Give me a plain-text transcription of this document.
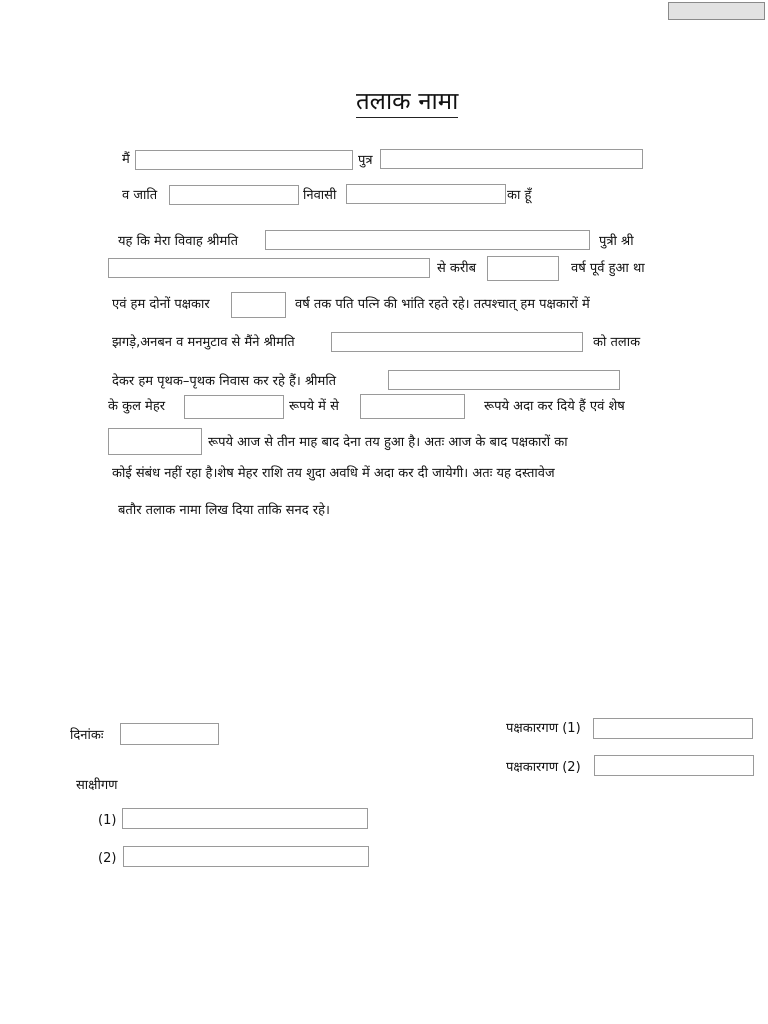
तलाक नामा
मैं	पुत्र
व जाति	निवासी	का हूँ
यह कि मेरा विवाह श्रीमति	पुत्री श्री
से करीब	वर्ष पूर्व हुआ था
एवं हम दोनों पक्षकार	वर्ष तक पति पत्नि की भांति रहते रहे। तत्पश्चात् हम पक्षकारों में
झगड़े,अनबन व मनमुटाव से मैंने श्रीमति	को तलाक
देकर हम पृथक–पृथक निवास कर रहे हैं। श्रीमति
के कुल मेहर	रूपये में से	रूपये अदा कर दिये हैं एवं शेष
रूपये आज से तीन माह बाद देना तय हुआ है। अतः आज के बाद पक्षकारों का
कोई संबंध नहीं रहा है।शेष मेहर राशि तय शुदा अवधि में अदा कर दी जायेगी। अतः यह दस्तावेज
बतौर तलाक नामा लिख दिया ताकि सनद रहे।
दिनांकः	पक्षकारगण (1)
पक्षकारगण (2)
साक्षीगण
(1)
(2)
